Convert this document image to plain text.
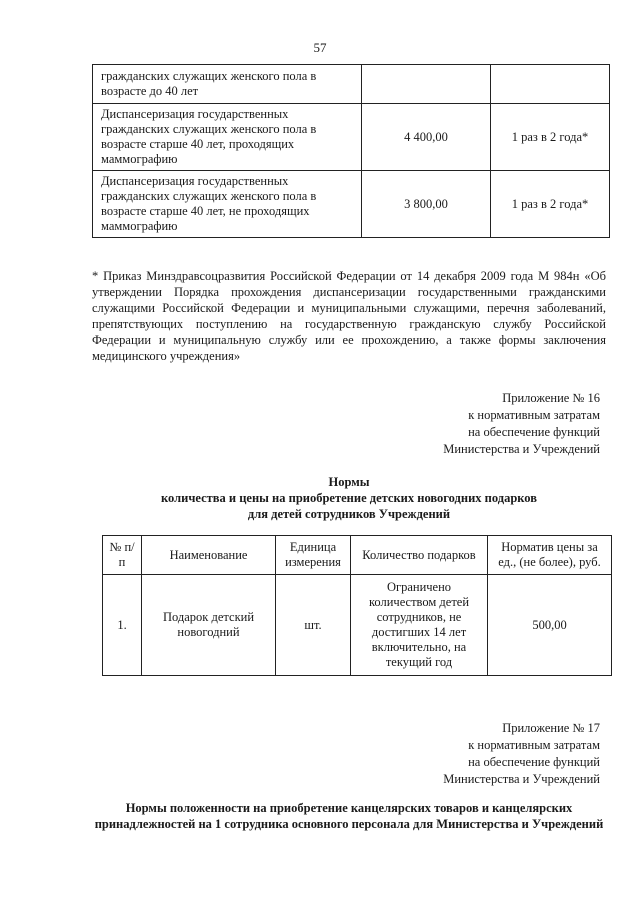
57
гражданских служащих женского пола в возрасте до 40 лет		
Диспансеризация государственных гражданских служащих женского пола в возрасте старше 40 лет, проходящих маммографию	4 400,00	1 раз в 2 года*
Диспансеризация государственных гражданских служащих женского пола в возрасте старше 40 лет, не проходящих маммографию	3 800,00	1 раз в 2 года*
* Приказ Минздравсоцразвития Российской Федерации от 14 декабря 2009 года М 984н «Об утверждении Порядка прохождения диспансеризации государственными гражданскими служащими Российской Федерации и муниципальными служащими, перечня заболеваний, препятствующих поступлению на государственную гражданскую службу Российской Федерации и муниципальную службу или ее прохождению, а также формы заключения медицинского учреждения»
Приложение № 16
к нормативным затратам
на обеспечение функций
Министерства и Учреждений
Нормы
количества и цены на приобретение детских новогодних подарков
для детей сотрудников Учреждений
№ п/п	Наименование	Единица измерения	Количество подарков	Норматив цены за ед., (не более), руб.
1.	Подарок детский новогодний	шт.	Ограничено количеством детей сотрудников, не достигших 14 лет включительно, на текущий год	500,00
Приложение № 17
к нормативным затратам
на обеспечение функций
Министерства и Учреждений
Нормы положенности на приобретение канцелярских товаров и канцелярских принадлежностей на 1 сотрудника основного персонала для Министерства и Учреждений
